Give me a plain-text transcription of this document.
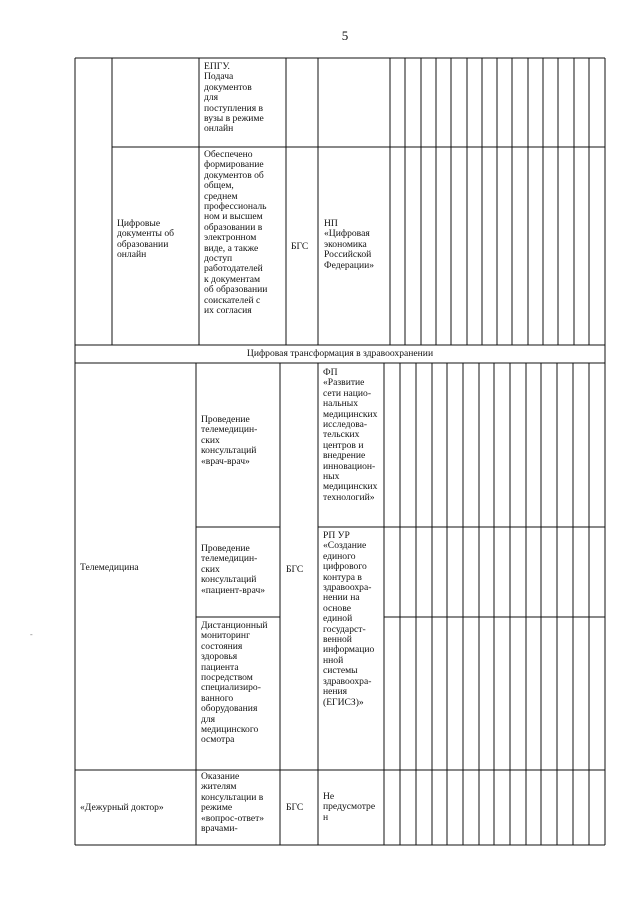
5
ЕПГУ.
Подача
документов
для
поступления в
вузы в режиме
онлайн
Цифровые
документы об
образовании
онлайн
Обеспечено
формирование
документов об
общем,
среднем
профессиональ
ном и высшем
образовании в
электронном
виде, а также
доступ
работодателей
к документам
об образовании
соискателей с
их согласия
БГС
НП
«Цифровая
экономика
Российской
Федерации»
Цифровая трансформация в здравоохранении
Телемедицина
Проведение
телемедицин-
ских
консультаций
«врач-врач»
Проведение
телемедицин-
ских
консультаций
«пациент-врач»
Дистанционный
мониторинг
состояния
здоровья
пациента
посредством
специализиро-
ванного
оборудования
для
медицинского
осмотра
БГС
ФП
«Развитие
сети нацио-
нальных
медицинских
исследова-
тельских
центров и
внедрение
инновацион-
ных
медицинских
технологий»
РП УР
«Создание
единого
цифрового
контура в
здравоохра-
нении на
основе
единой
государст-
венной
информацио
нной
системы
здравоохра-
нения
(ЕГИСЗ)»
«Дежурный доктор»
Оказание
жителям
консультации в
режиме
«вопрос-ответ»
врачами-
БГС
Не
предусмотре
н
-
